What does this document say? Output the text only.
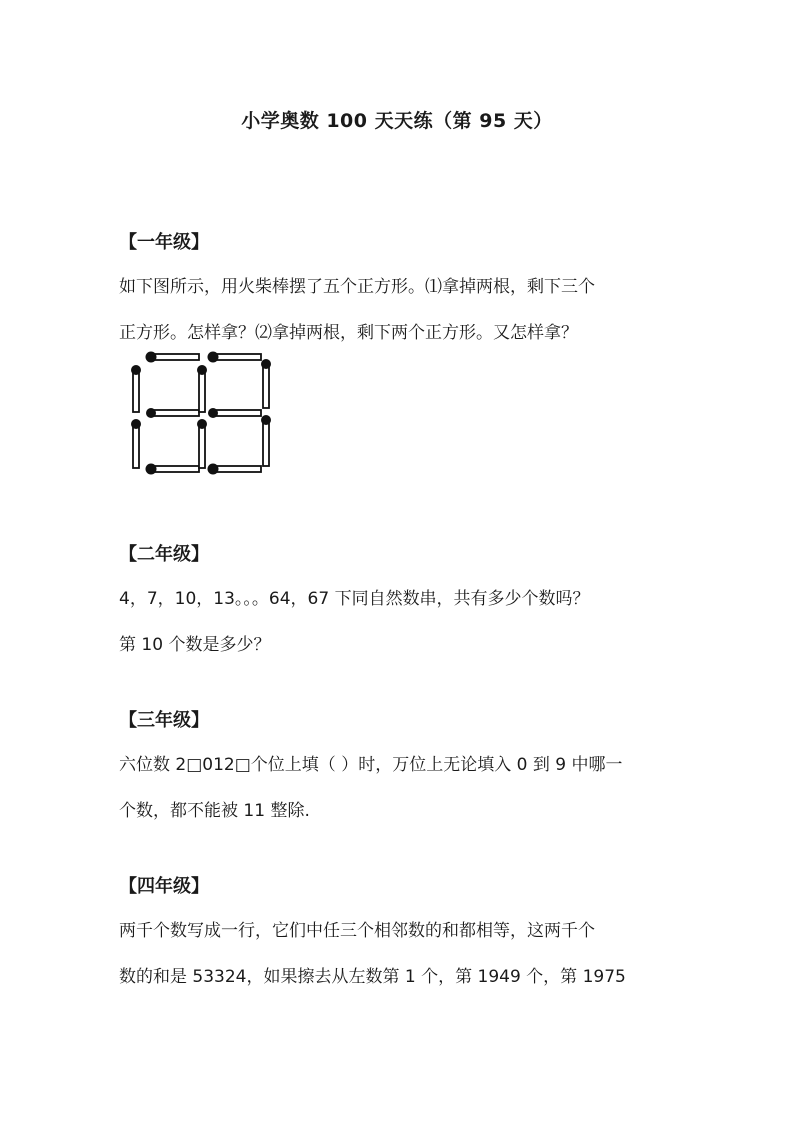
小学奥数 100 天天练（第 95 天）
【一年级】
如下图所示，用火柴棒摆了五个正方形。⑴拿掉两根，剩下三个
正方形。怎样拿？⑵拿掉两根，剩下两个正方形。又怎样拿？
【二年级】
4，7，10，13。。。64，67 下同自然数串，共有多少个数吗？
第 10 个数是多少？
【三年级】
六位数 2□012□个位上填（ ）时，万位上无论填入 0 到 9 中哪一
个数，都不能被 11 整除.
【四年级】
两千个数写成一行，它们中任三个相邻数的和都相等，这两千个
数的和是 53324，如果擦去从左数第 1 个，第 1949 个，第 1975
